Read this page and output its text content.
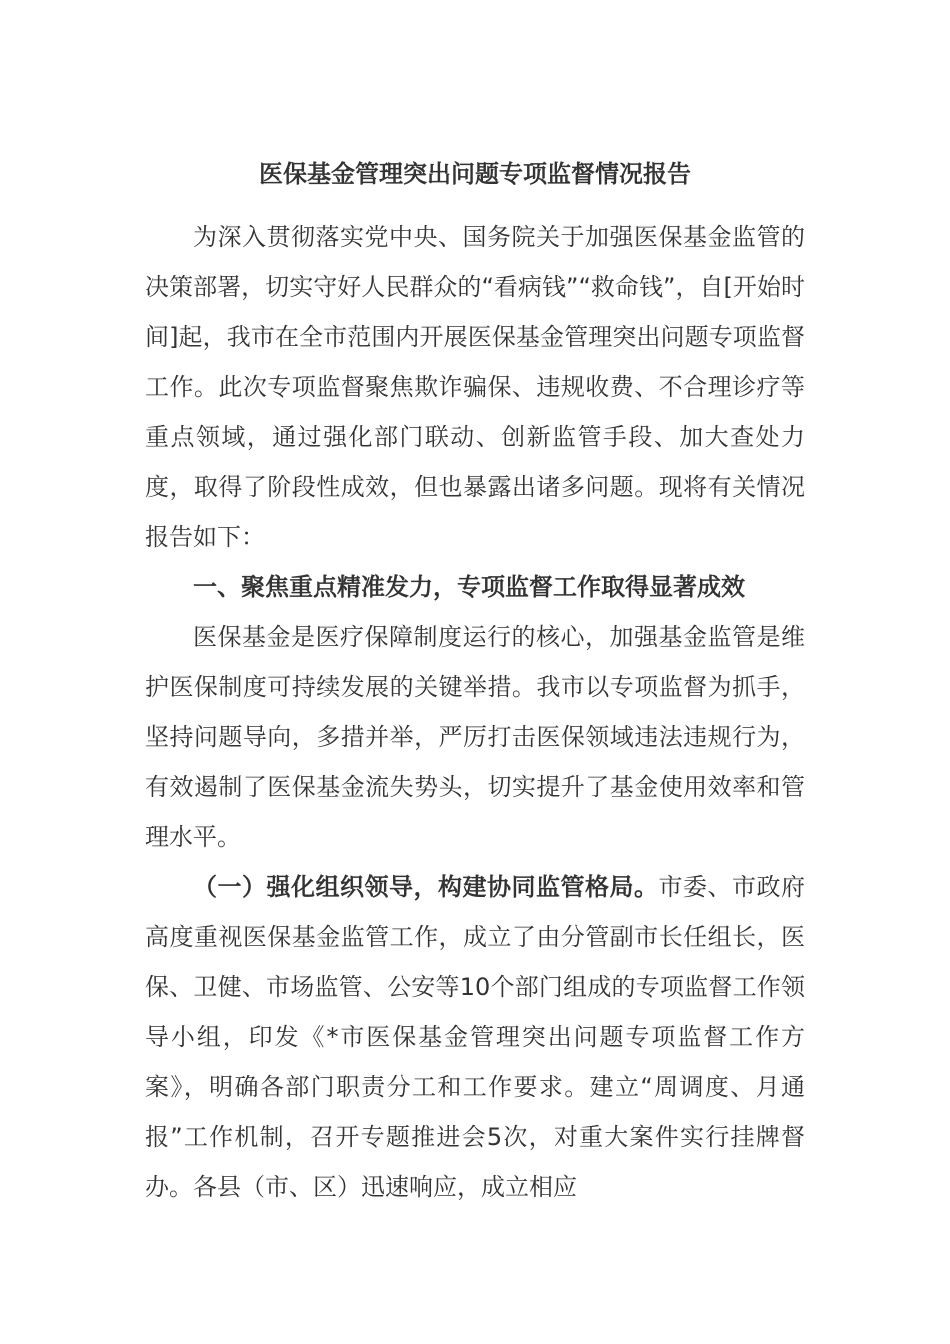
医保基金管理突出问题专项监督情况报告

为深入贯彻落实党中央、国务院关于加强医保基金监管的决策部署，切实守好人民群众的“看病钱”“救命钱”，自[开始时间]起，我市在全市范围内开展医保基金管理突出问题专项监督工作。此次专项监督聚焦欺诈骗保、违规收费、不合理诊疗等重点领域，通过强化部门联动、创新监管手段、加大查处力度，取得了阶段性成效，但也暴露出诸多问题。现将有关情况报告如下：

一、聚焦重点精准发力，专项监督工作取得显著成效

医保基金是医疗保障制度运行的核心，加强基金监管是维护医保制度可持续发展的关键举措。我市以专项监督为抓手，坚持问题导向，多措并举，严厉打击医保领域违法违规行为，有效遏制了医保基金流失势头，切实提升了基金使用效率和管理水平。

（一）强化组织领导，构建协同监管格局。市委、市政府高度重视医保基金监管工作，成立了由分管副市长任组长，医保、卫健、市场监管、公安等10个部门组成的专项监督工作领导小组，印发《*市医保基金管理突出问题专项监督工作方案》，明确各部门职责分工和工作要求。建立“周调度、月通报”工作机制，召开专题推进会5次，对重大案件实行挂牌督办。各县（市、区）迅速响应，成立相应
